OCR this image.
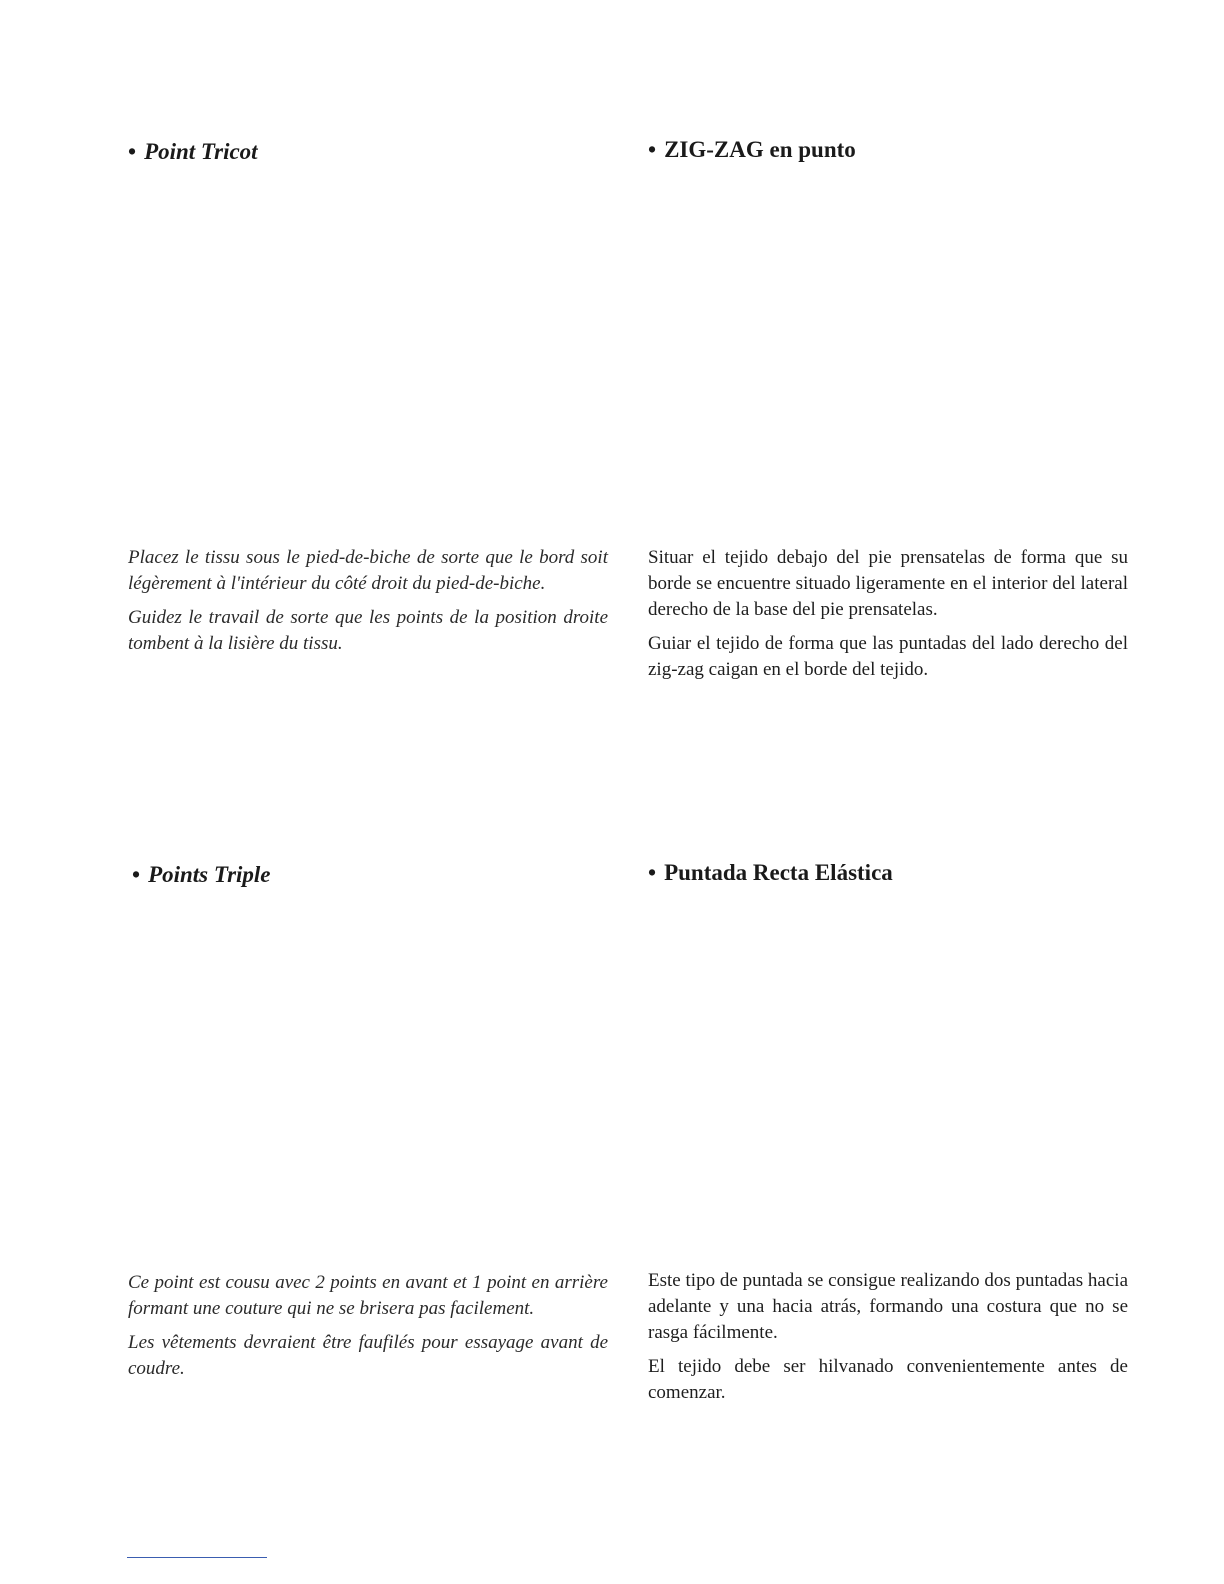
• Point Tricot	• ZIG-ZAG en punto

Placez le tissu sous le pied-de-biche de sorte que le bord soit légèrement à l'intérieur du côté droit du pied-de-biche.

Guidez le travail de sorte que les points de la position droite tombent à la lisière du tissu.

Situar el tejido debajo del pie prensatelas de forma que su borde se encuentre situado ligeramente en el interior del lateral derecho de la base del pie prensatelas.

Guiar el tejido de forma que las puntadas del lado derecho del zig-zag caigan en el borde del tejido.

• Points Triple	• Puntada Recta Elástica

Ce point est cousu avec 2 points en avant et 1 point en arrière formant une couture qui ne se brisera pas facilement.

Les vêtements devraient être faufilés pour essayage avant de coudre.

Este tipo de puntada se consigue realizando dos puntadas hacia adelante y una hacia atrás, formando una costura que no se rasga fácilmente.

El tejido debe ser hilvanado convenientemente antes de comenzar.
